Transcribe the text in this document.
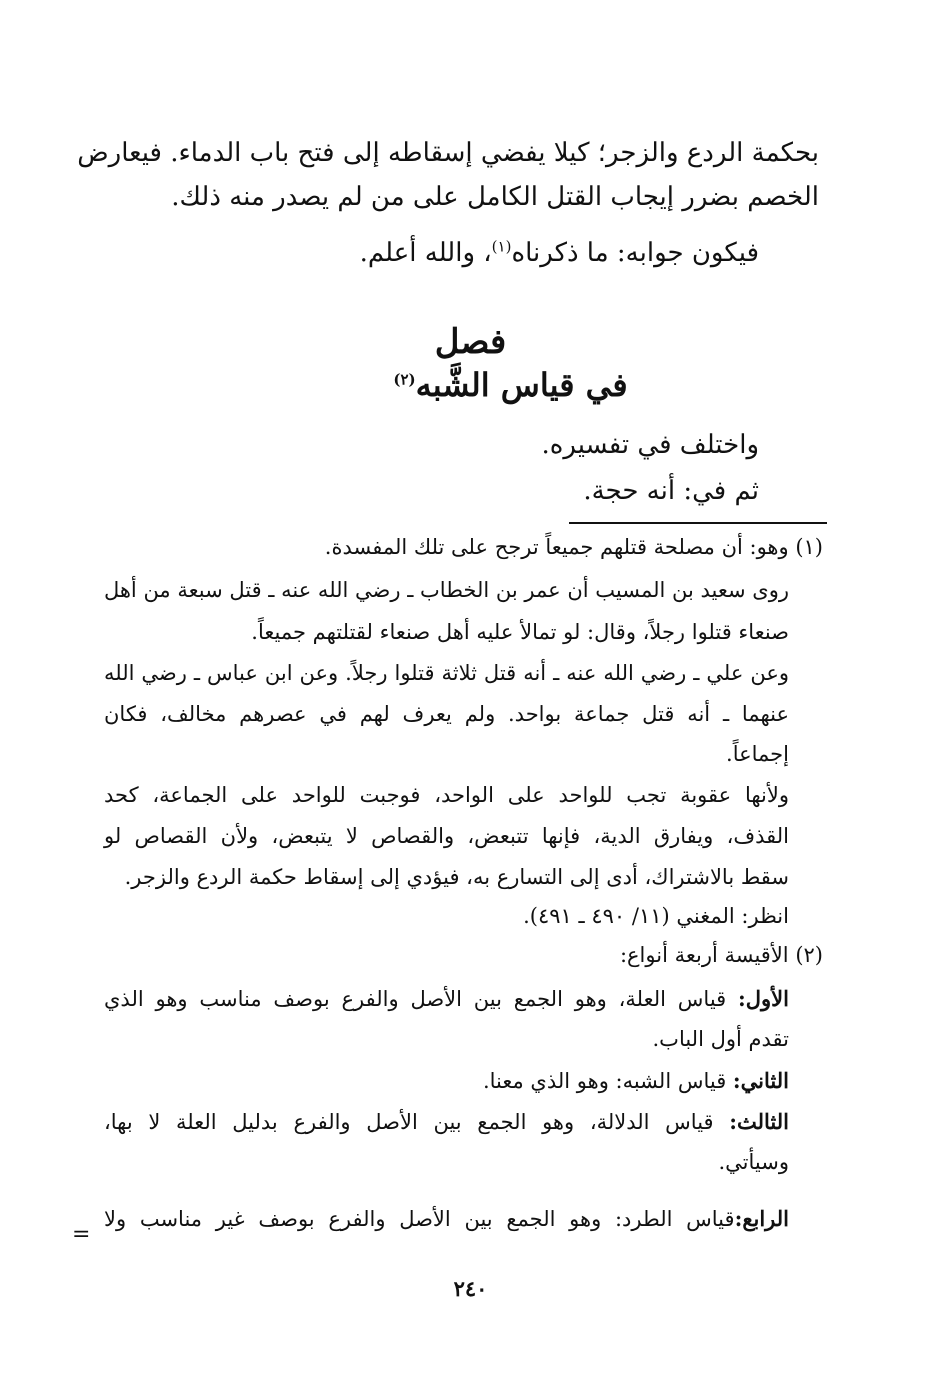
بحكمة الردع والزجر؛ كيلا يفضي إسقاطه إلى فتح باب الدماء. فيعارض

الخصم بضرر إيجاب القتل الكامل على من لم يصدر منه ذلك.

فيكون جوابه: ما ذكرناه$^{(١)}$، والله أعلم.

فصل
في قياس الشَّبه$^{(٢)}$

واختلف في تفسيره.

ثم في: أنه حجة.

(١) وهو: أن مصلحة قتلهم جميعاً ترجح على تلك المفسدة.
روى سعيد بن المسيب أن عمر بن الخطاب ـ رضي الله عنه ـ قتل سبعة من أهل
صنعاء قتلوا رجلاً، وقال: لو تمالأ عليه أهل صنعاء لقتلتهم جميعاً.
وعن علي ـ رضي الله عنه ـ أنه قتل ثلاثة قتلوا رجلاً. وعن ابن عباس ـ رضي الله
عنهما ـ أنه قتل جماعة بواحد. ولم يعرف لهم في عصرهم مخالف، فكان
إجماعاً.
ولأنها عقوبة تجب للواحد على الواحد، فوجبت للواحد على الجماعة، كحد
القذف، ويفارق الدية، فإنها تتبعض، والقصاص لا يتبعض، ولأن القصاص لو
سقط بالاشتراك، أدى إلى التسارع به، فيؤدي إلى إسقاط حكمة الردع والزجر.
انظر: المغني (١١/ ٤٩٠ ـ ٤٩١).
(٢) الأقيسة أربعة أنواع:
الأول: قياس العلة، وهو الجمع بين الأصل والفرع بوصف مناسب وهو الذي
تقدم أول الباب.
الثاني: قياس الشبه: وهو الذي معنا.
الثالث: قياس الدلالة، وهو الجمع بين الأصل والفرع بدليل العلة لا بها،
وسيأتي.
الرابع:قياس الطرد: وهو الجمع بين الأصل والفرع بوصف غير مناسب ولا
=
٢٤٠
